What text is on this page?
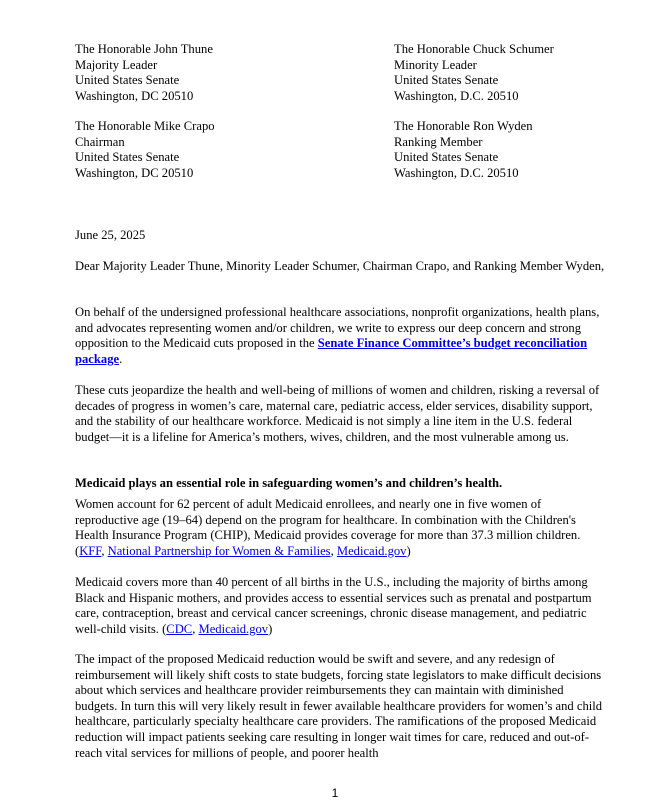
The Honorable John Thune
Majority Leader
United States Senate
Washington, DC 20510
The Honorable Chuck Schumer
Minority Leader
United States Senate
Washington, D.C. 20510
The Honorable Mike Crapo
Chairman
United States Senate
Washington, DC 20510
The Honorable Ron Wyden
Ranking Member
United States Senate
Washington, D.C. 20510
June 25, 2025
Dear Majority Leader Thune, Minority Leader Schumer, Chairman Crapo, and Ranking Member Wyden,
On behalf of the undersigned professional healthcare associations, nonprofit organizations, health plans, and advocates representing women and/or children, we write to express our deep concern and strong opposition to the Medicaid cuts proposed in the Senate Finance Committee’s budget reconciliation package.
These cuts jeopardize the health and well-being of millions of women and children, risking a reversal of decades of progress in women’s care, maternal care, pediatric access, elder services, disability support, and the stability of our healthcare workforce. Medicaid is not simply a line item in the U.S. federal budget—it is a lifeline for America’s mothers, wives, children, and the most vulnerable among us.
Medicaid plays an essential role in safeguarding women’s and children’s health.
Women account for 62 percent of adult Medicaid enrollees, and nearly one in five women of reproductive age (19–64) depend on the program for healthcare. In combination with the Children's Health Insurance Program (CHIP), Medicaid provides coverage for more than 37.3 million children. (KFF, National Partnership for Women & Families, Medicaid.gov)
Medicaid covers more than 40 percent of all births in the U.S., including the majority of births among Black and Hispanic mothers, and provides access to essential services such as prenatal and postpartum care, contraception, breast and cervical cancer screenings, chronic disease management, and pediatric well-child visits. (CDC, Medicaid.gov)
The impact of the proposed Medicaid reduction would be swift and severe, and any redesign of reimbursement will likely shift costs to state budgets, forcing state legislators to make difficult decisions about which services and healthcare provider reimbursements they can maintain with diminished budgets. In turn this will very likely result in fewer available healthcare providers for women’s and child healthcare, particularly specialty healthcare care providers. The ramifications of the proposed Medicaid reduction will impact patients seeking care resulting in longer wait times for care, reduced and out-of-reach vital services for millions of people, and poorer health
1
